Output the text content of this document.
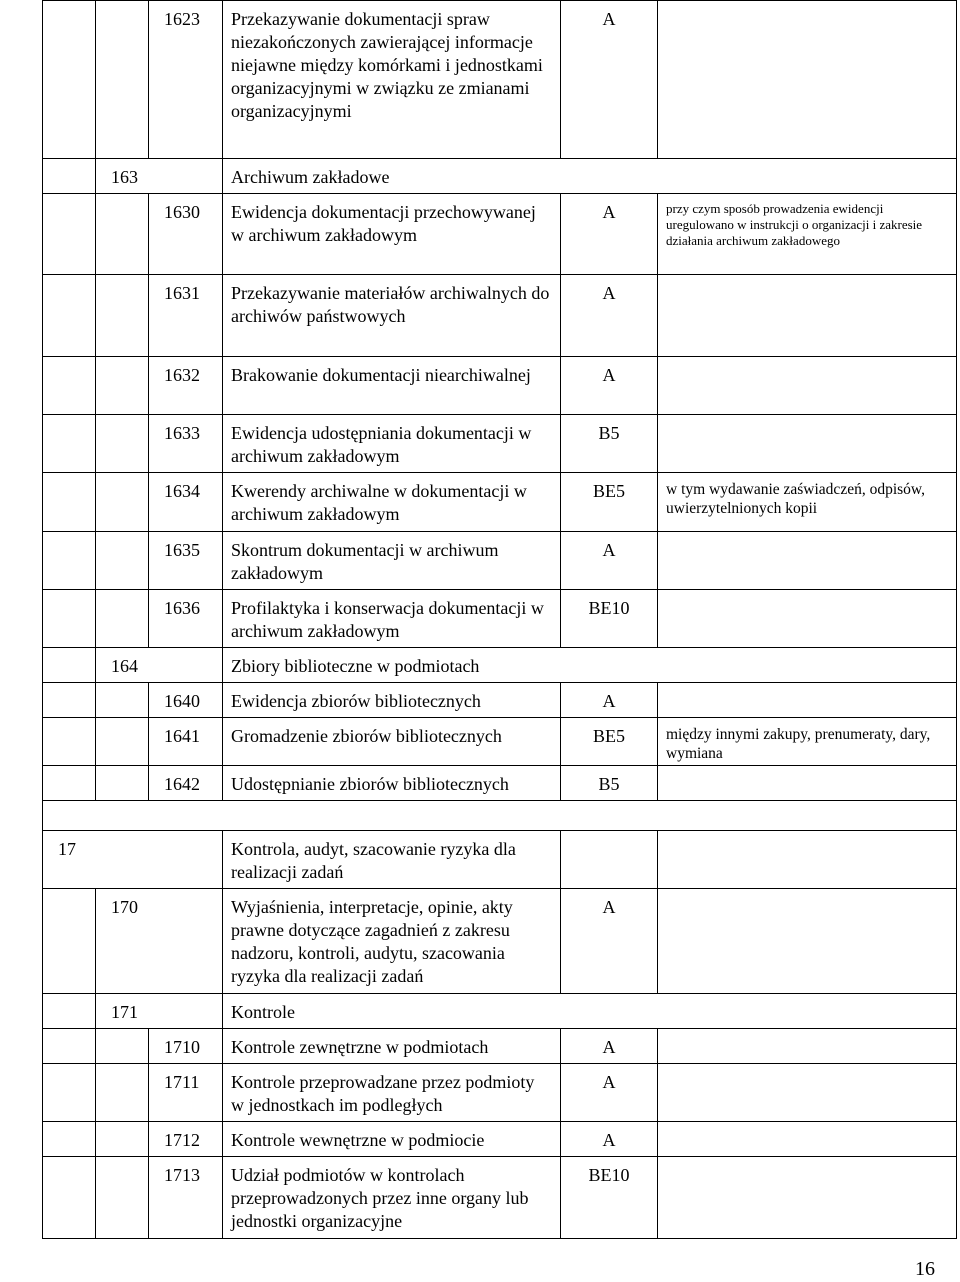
		1623	Przekazywanie dokumentacji spraw niezakończonych zawierającej informacje niejawne między komórkami i jednostkami organizacyjnymi w związku ze zmianami organizacyjnymi	A	
	163		Archiwum zakładowe		
		1630	Ewidencja dokumentacji przechowywanej w archiwum zakładowym	A	przy czym sposób prowadzenia ewidencji uregulowano w instrukcji o organizacji i zakresie działania archiwum zakładowego
		1631	Przekazywanie materiałów archiwalnych do archiwów państwowych	A	
		1632	Brakowanie dokumentacji niearchiwalnej	A	
		1633	Ewidencja udostępniania dokumentacji w archiwum zakładowym	B5	
		1634	Kwerendy archiwalne w dokumentacji w archiwum zakładowym	BE5	w tym wydawanie zaświadczeń, odpisów, uwierzytelnionych kopii
		1635	Skontrum dokumentacji w archiwum zakładowym	A	
		1636	Profilaktyka i konserwacja dokumentacji w archiwum zakładowym	BE10	
	164		Zbiory biblioteczne w podmiotach		
		1640	Ewidencja zbiorów bibliotecznych	A	
		1641	Gromadzenie zbiorów bibliotecznych	BE5	między innymi zakupy, prenumeraty, dary, wymiana
		1642	Udostępnianie zbiorów bibliotecznych	B5	

17			Kontrola, audyt, szacowanie ryzyka dla realizacji zadań		
	170		Wyjaśnienia, interpretacje, opinie, akty prawne dotyczące zagadnień z zakresu nadzoru, kontroli, audytu, szacowania ryzyka dla realizacji zadań	A	
	171		Kontrole		
		1710	Kontrole zewnętrzne w podmiotach	A	
		1711	Kontrole przeprowadzane przez podmioty w jednostkach im podległych	A	
		1712	Kontrole wewnętrzne w podmiocie	A	
		1713	Udział podmiotów w kontrolach przeprowadzonych przez inne organy lub jednostki organizacyjne	BE10	
16
